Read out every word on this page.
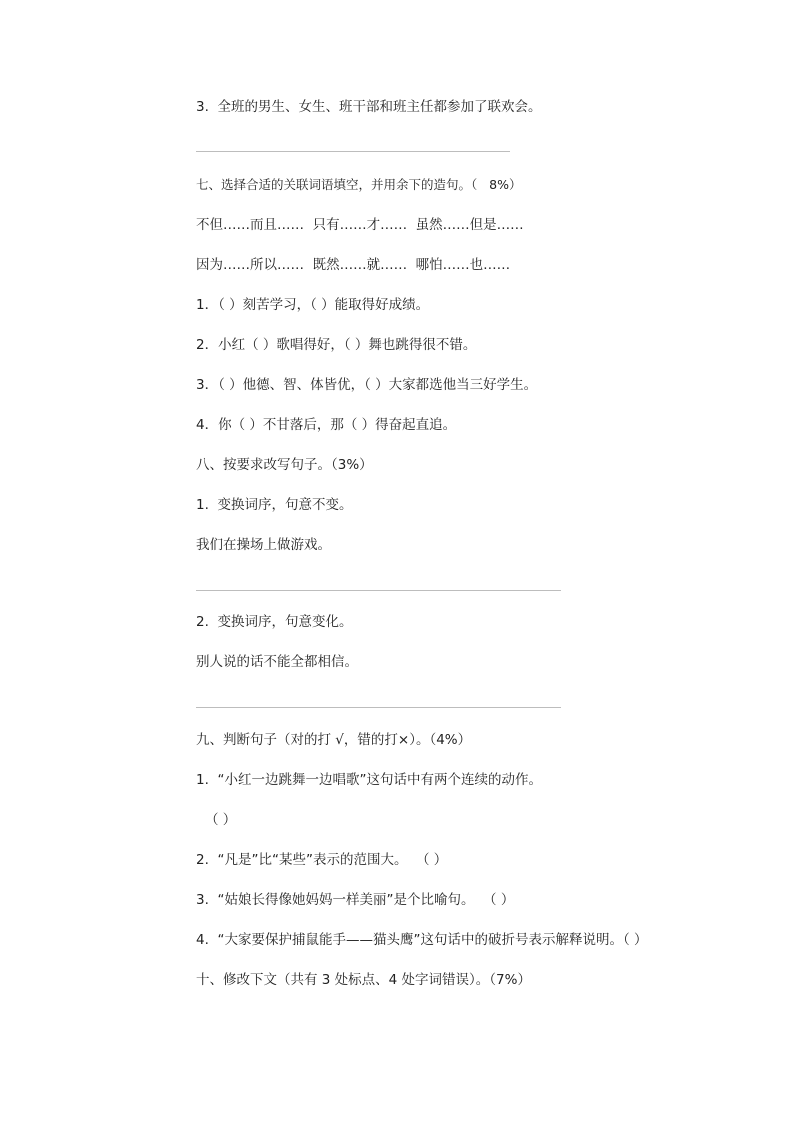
3.  全班的男生、女生、班干部和班主任都参加了联欢会。
七、选择合适的关联词语填空，并用余下的造句。（   8%）
不但……而且……  只有……才……  虽然……但是……
因为……所以……  既然……就……  哪怕……也……
1．（ ）刻苦学习，（ ）能取得好成绩。
2．小红（ ）歌唱得好，（ ）舞也跳得很不错。
3．（ ）他德、智、体皆优，（ ）大家都选他当三好学生。
4．你（ ）不甘落后，那（ ）得奋起直追。
八、按要求改写句子。（3%）
1.  变换词序，句意不变。
我们在操场上做游戏。
2.  变换词序，句意变化。
别人说的话不能全都相信。
九、判断句子（对的打 √，错的打×）。（4%）
1.  “小红一边跳舞一边唱歌”这句话中有两个连续的动作。
（ ）
2.  “凡是”比“某些”表示的范围大。  （ ）
3.  “姑娘长得像她妈妈一样美丽”是个比喻句。  （ ）
4.  “大家要保护捕鼠能手——猫头鹰”这句话中的破折号表示解释说明。（ ）
十、修改下文（共有 3 处标点、4 处字词错误）。（7%）
